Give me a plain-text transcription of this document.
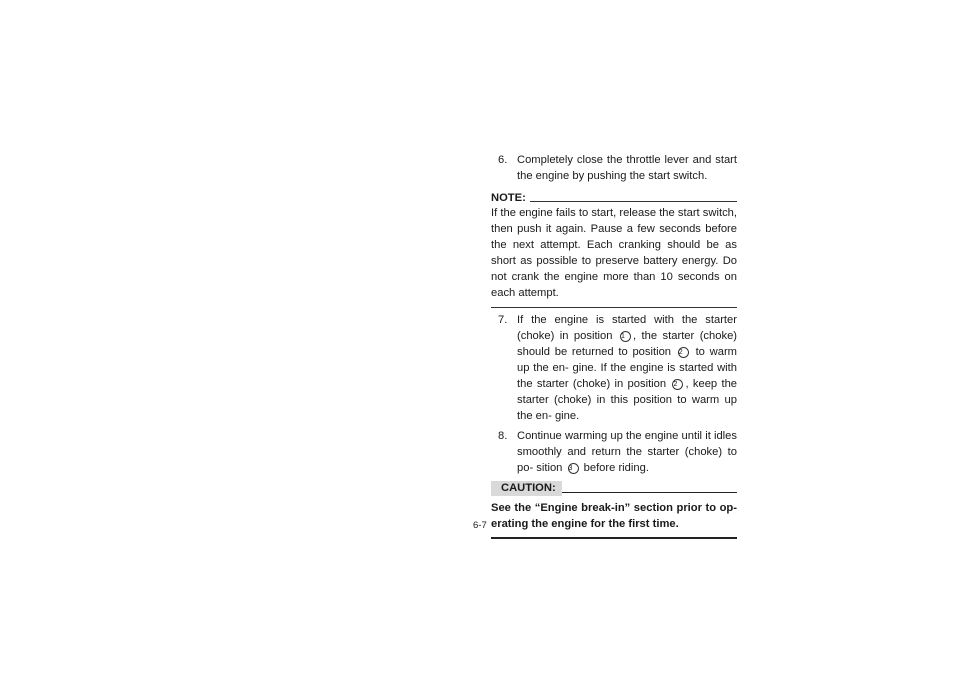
6. Completely close the throttle lever and start the engine by pushing the start switch.
NOTE:
If the engine fails to start, release the start switch, then push it again. Pause a few seconds before the next attempt. Each cranking should be as short as possible to preserve battery energy. Do not crank the engine more than 10 seconds on each attempt.
7. If the engine is started with the starter (choke) in position 1 , the starter (choke) should be returned to position 2 to warm up the en- gine. If the engine is started with the starter (choke) in position 2 , keep the starter (choke) in this position to warm up the en- gine.
8. Continue warming up the engine until it idles smoothly and return the starter (choke) to po- sition 3 before riding.
CAUTION:
See the “Engine break-in” section prior to op- erating the engine for the first time.
6-7
